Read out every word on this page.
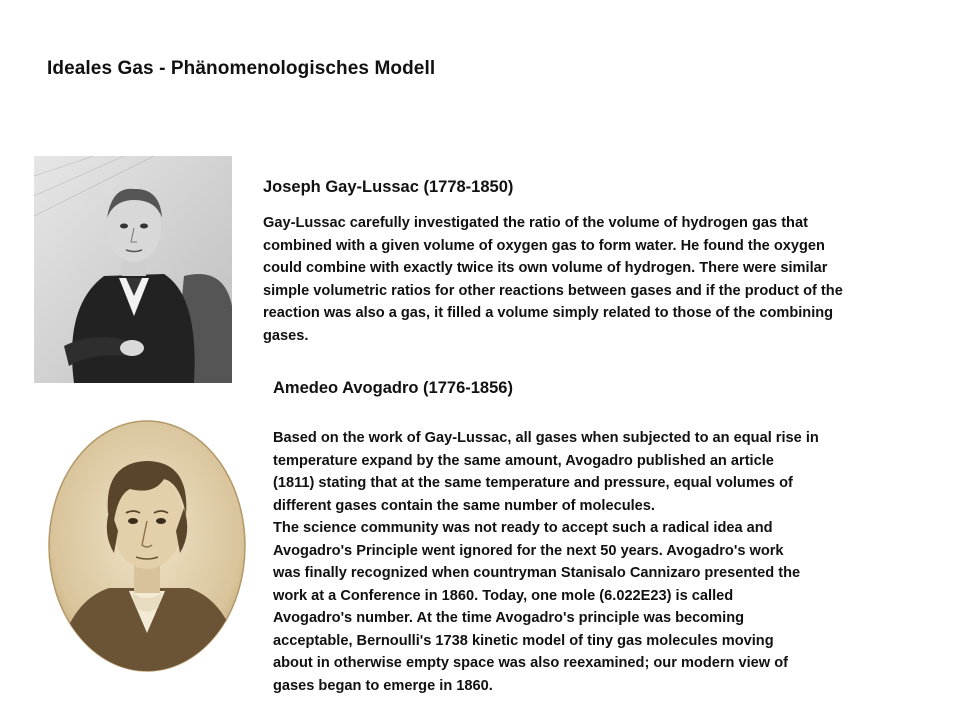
Ideales Gas - Phänomenologisches Modell
Joseph Gay-Lussac (1778-1850)
Gay-Lussac carefully investigated the ratio of the volume of hydrogen gas that
combined with a given volume of oxygen gas to form water. He found the oxygen
could combine with exactly twice its own volume of hydrogen. There were similar
simple volumetric ratios for other reactions between gases and if the product of the
reaction was also a gas, it filled a volume simply related to those of the combining
gases.
Amedeo Avogadro (1776-1856)
Based on the work of Gay-Lussac, all gases when subjected to an equal rise in
temperature expand by the same amount, Avogadro published an article
(1811) stating that at the same temperature and pressure, equal volumes of
different gases contain the same number of molecules.
The science community was not ready to accept such a radical idea and
Avogadro's Principle went ignored for the next 50 years. Avogadro's work
was finally recognized when countryman Stanisalo Cannizaro presented the
work at a Conference in 1860. Today, one mole (6.022E23) is called
Avogadro's number. At the time Avogadro's principle was becoming
acceptable, Bernoulli's 1738 kinetic model of tiny gas molecules moving
about in otherwise empty space was also reexamined; our modern view of
gases began to emerge in 1860.
